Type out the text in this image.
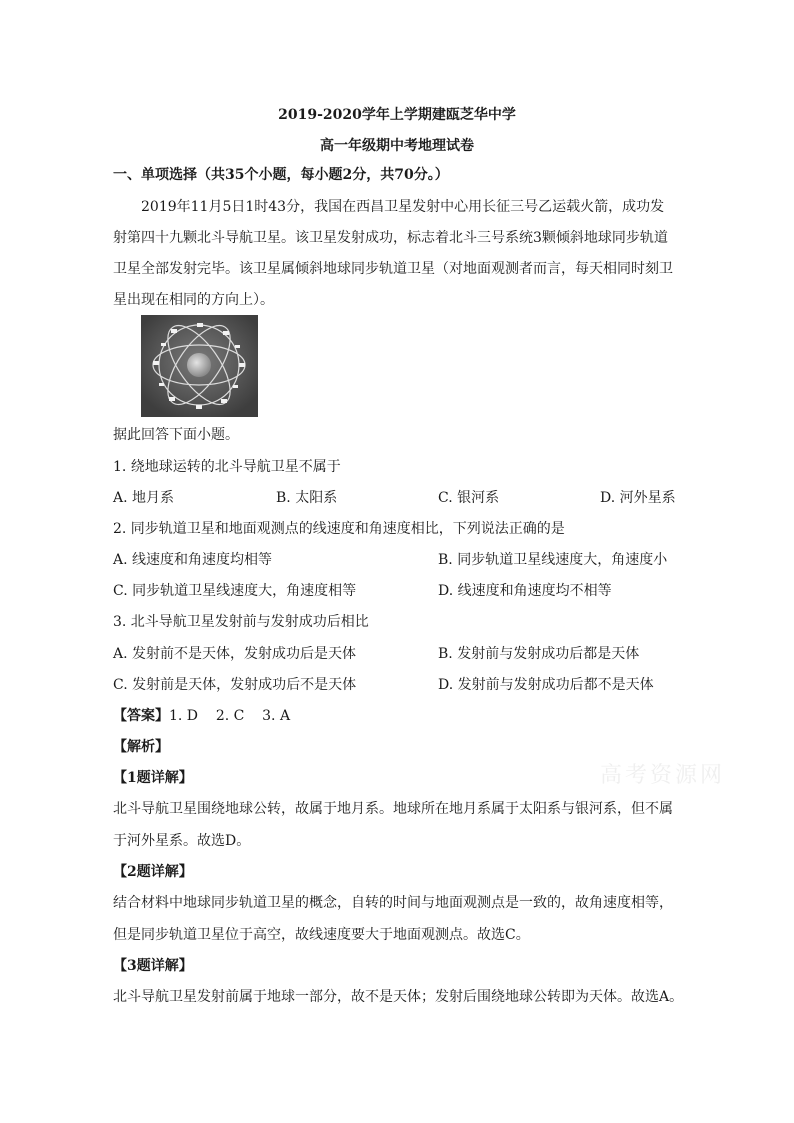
2019-2020学年上学期建瓯芝华中学
高一年级期中考地理试卷
一、单项选择（共35个小题，每小题2分，共70分。）
2019年11月5日1时43分，我国在西昌卫星发射中心用长征三号乙运载火箭，成功发
射第四十九颗北斗导航卫星。该卫星发射成功，标志着北斗三号系统3颗倾斜地球同步轨道
卫星全部发射完毕。该卫星属倾斜地球同步轨道卫星（对地面观测者而言，每天相同时刻卫
星出现在相同的方向上）。
据此回答下面小题。
1. 绕地球运转的北斗导航卫星不属于
A. 地月系	B. 太阳系	C. 银河系	D. 河外星系
2. 同步轨道卫星和地面观测点的线速度和角速度相比，下列说法正确的是
A. 线速度和角速度均相等	B. 同步轨道卫星线速度大，角速度小
C. 同步轨道卫星线速度大，角速度相等	D. 线速度和角速度均不相等
3. 北斗导航卫星发射前与发射成功后相比
A. 发射前不是天体，发射成功后是天体	B. 发射前与发射成功后都是天体
C. 发射前是天体，发射成功后不是天体	D. 发射前与发射成功后都不是天体
【答案】1. D    2. C    3. A
【解析】
【1题详解】
北斗导航卫星围绕地球公转，故属于地月系。地球所在地月系属于太阳系与银河系，但不属
于河外星系。故选D。
【2题详解】
结合材料中地球同步轨道卫星的概念，自转的时间与地面观测点是一致的，故角速度相等，
但是同步轨道卫星位于高空，故线速度要大于地面观测点。故选C。
【3题详解】
北斗导航卫星发射前属于地球一部分，故不是天体；发射后围绕地球公转即为天体。故选A。
高考资源网
